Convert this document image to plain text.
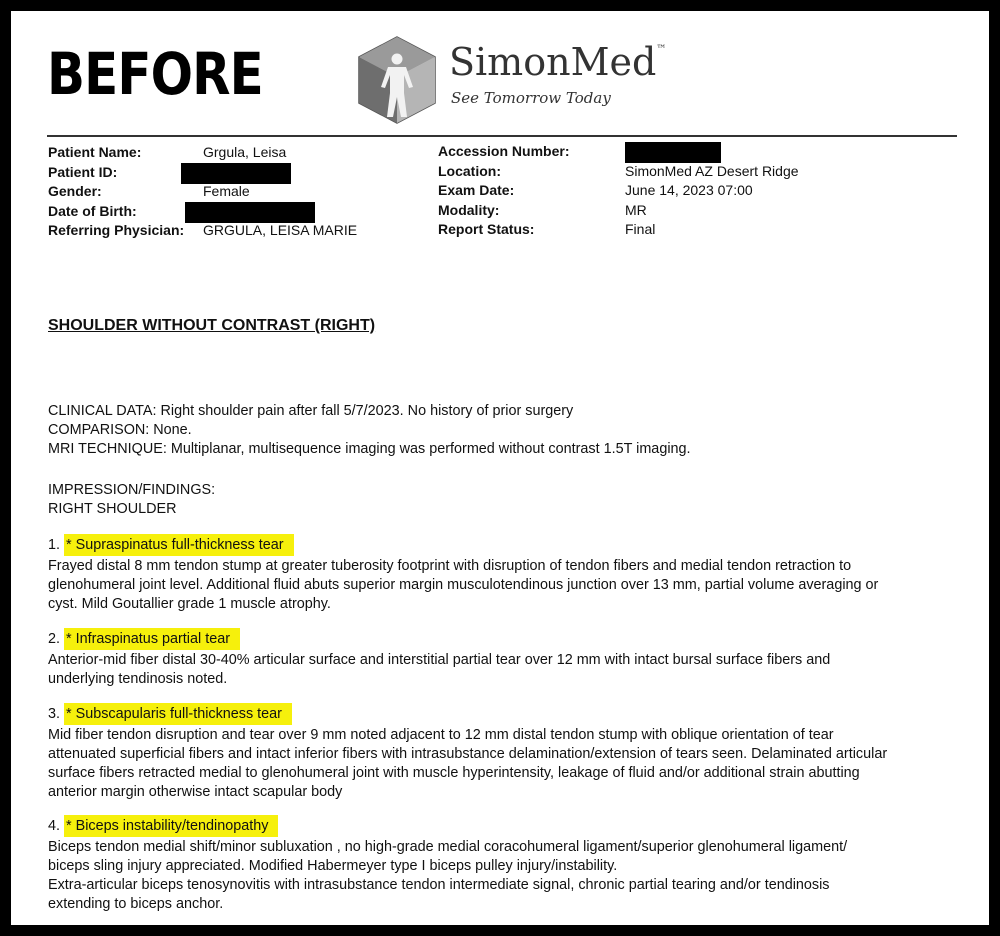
BEFORE	SimonMed™
See Tomorrow Today
Patient Name:
Patient ID:
Gender:
Date of Birth:
Referring Physician:
Grgula, Leisa
Female
GRGULA, LEISA MARIE
Accession Number:
Location:
Exam Date:
Modality:
Report Status:
SimonMed AZ Desert Ridge
June 14, 2023 07:00
MR
Final
SHOULDER WITHOUT CONTRAST (RIGHT)

CLINICAL DATA: Right shoulder pain after fall 5/7/2023. No history of prior surgery

COMPARISON: None.

MRI TECHNIQUE: Multiplanar, multisequence imaging was performed without contrast 1.5T imaging.

IMPRESSION/FINDINGS:

RIGHT SHOULDER

1. * Supraspinatus full-thickness tear

Frayed distal 8 mm tendon stump at greater tuberosity footprint with disruption of tendon fibers and medial tendon retraction to

glenohumeral joint level. Additional fluid abuts superior margin musculotendinous junction over 13 mm, partial volume averaging or

cyst. Mild Goutallier grade 1 muscle atrophy.

2. * Infraspinatus partial tear

Anterior-mid fiber distal 30-40% articular surface and interstitial partial tear over 12 mm with intact bursal surface fibers and

underlying tendinosis noted.

3. * Subscapularis full-thickness tear

Mid fiber tendon disruption and tear over 9 mm noted adjacent to 12 mm distal tendon stump with oblique orientation of tear

attenuated superficial fibers and intact inferior fibers with intrasubstance delamination/extension of tears seen. Delaminated articular

surface fibers retracted medial to glenohumeral joint with muscle hyperintensity, leakage of fluid and/or additional strain abutting

anterior margin otherwise intact scapular body

4. * Biceps instability/tendinopathy

Biceps tendon medial shift/minor subluxation , no high-grade medial coracohumeral ligament/superior glenohumeral ligament/

biceps sling injury appreciated. Modified Habermeyer type I biceps pulley injury/instability.

Extra-articular biceps tenosynovitis with intrasubstance tendon intermediate signal, chronic partial tearing and/or tendinosis

extending to biceps anchor.
